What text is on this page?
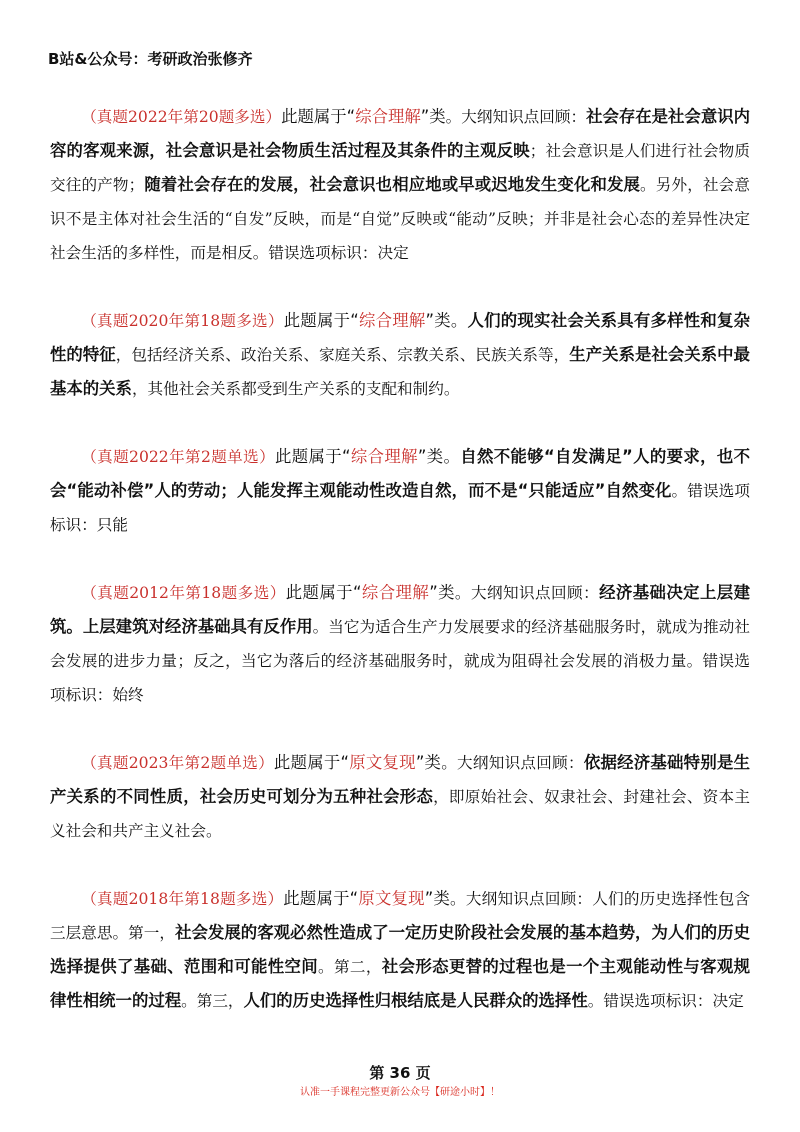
B站&公众号：考研政治张修齐

（真题2022年第20题多选）此题属于“综合理解”类。大纲知识点回顾：社会存在是社会意识内容的客观来源，社会意识是社会物质生活过程及其条件的主观反映；社会意识是人们进行社会物质交往的产物；随着社会存在的发展，社会意识也相应地或早或迟地发生变化和发展。另外，社会意识不是主体对社会生活的“自发”反映，而是“自觉”反映或“能动”反映；并非是社会心态的差异性决定社会生活的多样性，而是相反。错误选项标识：决定

（真题2020年第18题多选）此题属于“综合理解”类。人们的现实社会关系具有多样性和复杂性的特征，包括经济关系、政治关系、家庭关系、宗教关系、民族关系等，生产关系是社会关系中最基本的关系，其他社会关系都受到生产关系的支配和制约。

（真题2022年第2题单选）此题属于“综合理解”类。自然不能够“自发满足”人的要求，也不会“能动补偿”人的劳动；人能发挥主观能动性改造自然，而不是“只能适应”自然变化。错误选项标识：只能

（真题2012年第18题多选）此题属于“综合理解”类。大纲知识点回顾：经济基础决定上层建筑。上层建筑对经济基础具有反作用。当它为适合生产力发展要求的经济基础服务时，就成为推动社会发展的进步力量；反之，当它为落后的经济基础服务时，就成为阻碍社会发展的消极力量。错误选项标识：始终

（真题2023年第2题单选）此题属于“原文复现”类。大纲知识点回顾：依据经济基础特别是生产关系的不同性质，社会历史可划分为五种社会形态，即原始社会、奴隶社会、封建社会、资本主义社会和共产主义社会。

（真题2018年第18题多选）此题属于“原文复现”类。大纲知识点回顾：人们的历史选择性包含三层意思。第一，社会发展的客观必然性造成了一定历史阶段社会发展的基本趋势，为人们的历史选择提供了基础、范围和可能性空间。第二，社会形态更替的过程也是一个主观能动性与客观规律性相统一的过程。第三，人们的历史选择性归根结底是人民群众的选择性。错误选项标识：决定

第 36 页
认准一手课程完整更新公众号【研途小时】！
